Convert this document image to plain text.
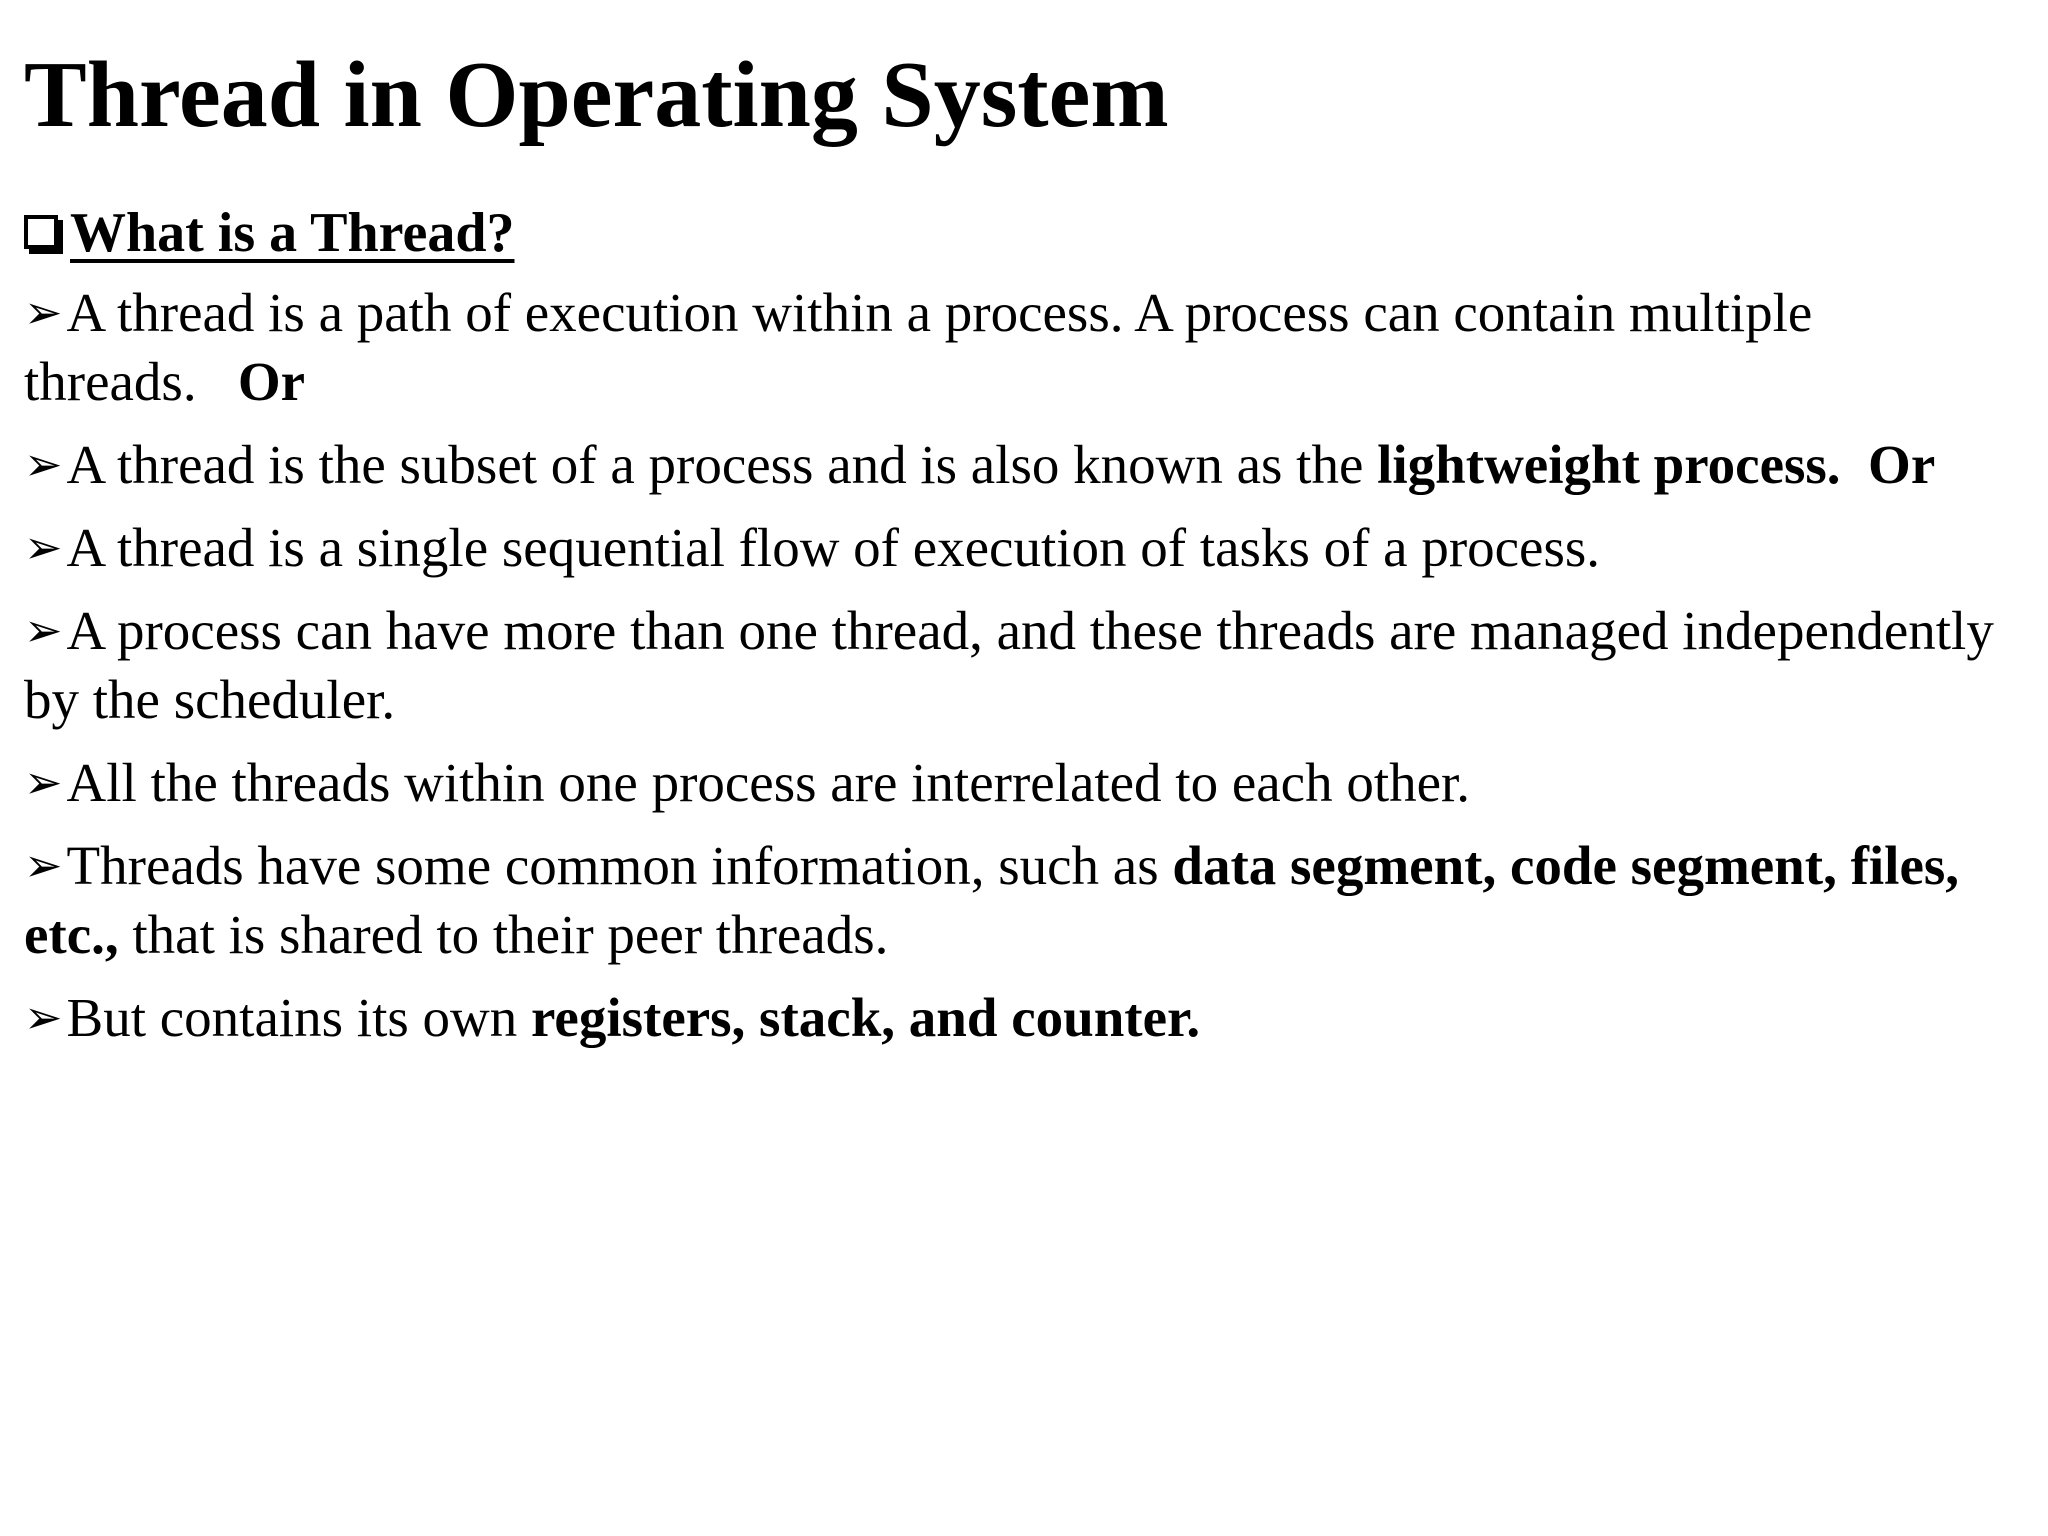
Thread in Operating System
What is a Thread?
➢A thread is a path of execution within a process. A process can contain multiple threads. Or
➢A thread is the subset of a process and is also known as the lightweight process. Or
➢A thread is a single sequential flow of execution of tasks of a process.
➢A process can have more than one thread, and these threads are managed independently by the scheduler.
➢All the threads within one process are interrelated to each other.
➢Threads have some common information, such as data segment, code segment, files, etc., that is shared to their peer threads.
➢But contains its own registers, stack, and counter.
